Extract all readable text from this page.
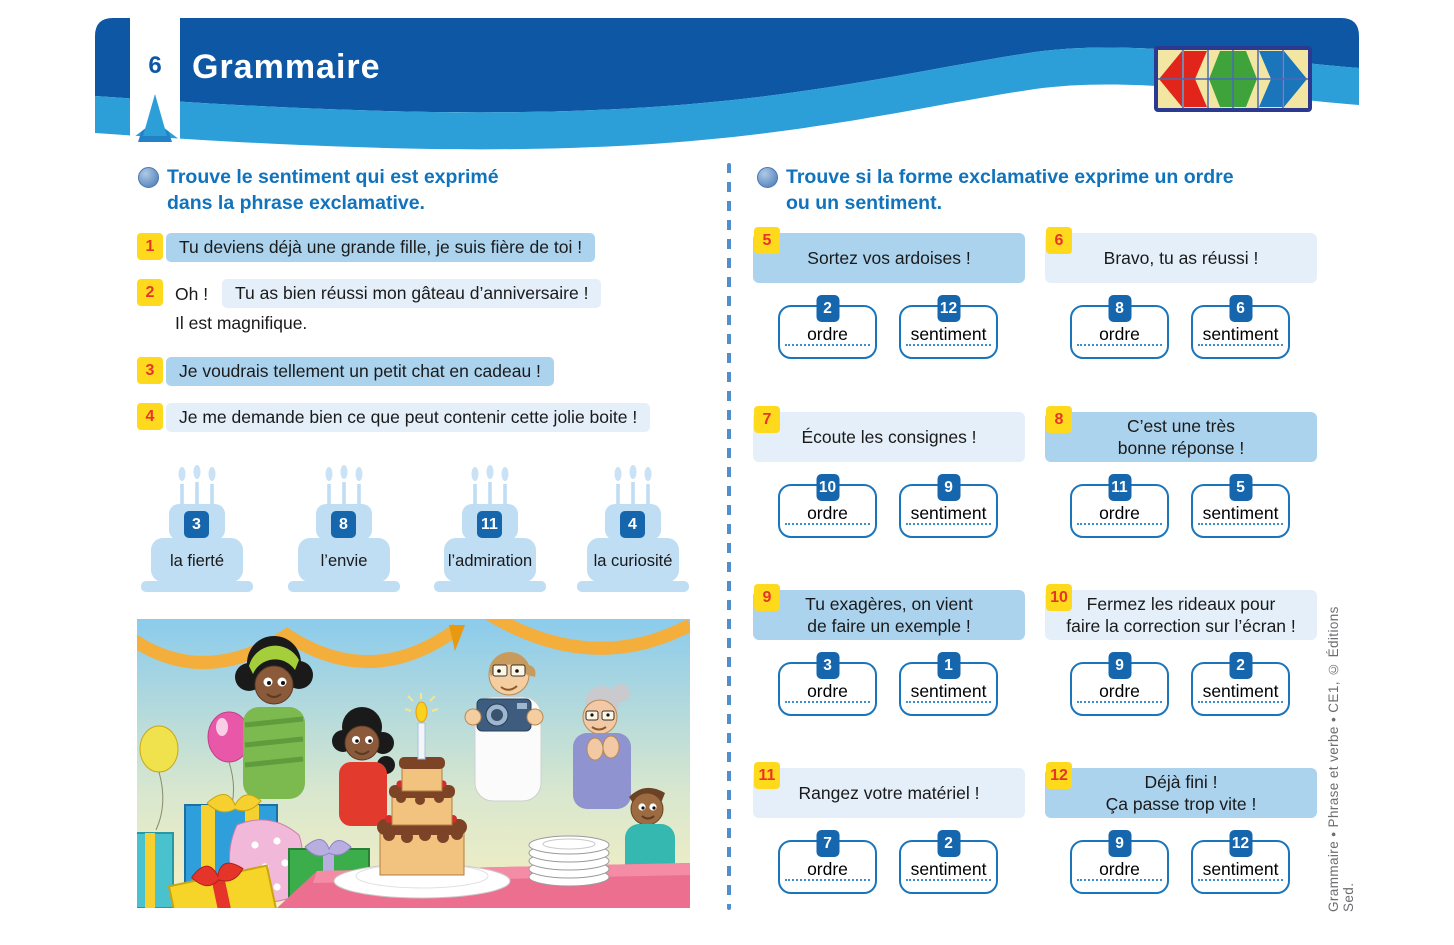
6 Grammaire
Trouve le sentiment qui est exprimé
dans la phrase exclamative.
1	Tu deviens déjà une grande fille, je suis fière de toi !
2	Oh !	Tu as bien réussi mon gâteau d’anniversaire !
Il est magnifique.
3	Je voudrais tellement un petit chat en cadeau !
4	Je me demande bien ce que peut contenir cette jolie boite !
3
la fierté
8
l’envie
11
l’admiration
4
la curiosité
Trouve si la forme exclamative exprime un ordre
ou un sentiment.
Sortez vos ardoises !
5
2
ordre
12
sentiment
Bravo, tu as réussi !
6
8
ordre
6
sentiment
Écoute les consignes !
7
10
ordre
9
sentiment
C’est une très
bonne réponse !
8
11
ordre
5
sentiment
Tu exagères, on vient
de faire un exemple !
9
3
ordre
1
sentiment
Fermez les rideaux pour
faire la correction sur l’écran !
10
9
ordre
2
sentiment
Rangez votre matériel !
11
7
ordre
2
sentiment
Déjà fini !
Ça passe trop vite !
12
9
ordre
12
sentiment	Grammaire • Phrase et verbe • CE1, © Éditions Sed.
